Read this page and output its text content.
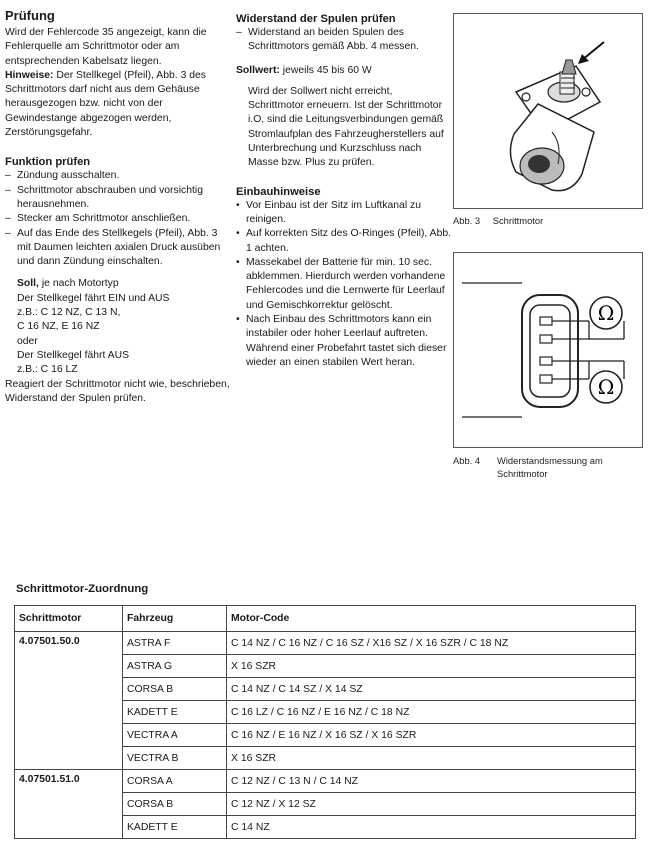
Prüfung

Wird der Fehlercode 35 angezeigt, kann die Fehlerquelle am Schrittmotor oder am entsprechenden Kabelsatz liegen.

Hinweise: Der Stellkegel (Pfeil), Abb. 3 des Schrittmotors darf nicht aus dem Gehäuse herausgezogen bzw. nicht von der Gewindestange abgezogen werden, Zerstörungsgefahr.

Funktion prüfen
– Zündung ausschalten.
– Schrittmotor abschrauben und vorsichtig herausnehmen.
– Stecker am Schrittmotor anschließen.
– Auf das Ende des Stellkegels (Pfeil), Abb. 3 mit Daumen leichten axialen Druck ausüben und dann Zündung einschalten.

Soll, je nach Motortyp

Der Stellkegel fährt EIN und AUS

z.B.: C 12 NZ, C 13 N,

C 16 NZ, E 16 NZ

oder

Der Stellkegel fährt AUS

z.B.: C 16 LZ

Reagiert der Schrittmotor nicht wie, beschrieben, Widerstand der Spulen prüfen.

Widerstand der Spulen prüfen
– Widerstand an beiden Spulen des Schrittmotors gemäß Abb. 4 messen.

Sollwert: jeweils 45 bis 60 W

Wird der Sollwert nicht erreicht, Schrittmotor erneuern. Ist der Schrittmotor i.O, sind die Leitungsverbindungen gemäß Stromlaufplan des Fahrzeugherstellers auf Unterbrechung und Kurzschluss nach Masse bzw. Plus zu prüfen.

Einbauhinweise
• Vor Einbau ist der Sitz im Luftkanal zu reinigen.
• Auf korrekten Sitz des O-Ringes (Pfeil), Abb. 1 achten.
• Massekabel der Batterie für min. 10 sec. abklemmen. Hierdurch werden vorhandene Fehlercodes und die Lernwerte für Leerlauf und Gemischkorrektur gelöscht.
• Nach Einbau des Schrittmotors kann ein instabiler oder hoher Leerlauf auftreten. Während einer Probefahrt tastet sich dieser wieder an einen stabilen Wert heran.
Abb. 3 Schrittmotor
Ω
Ω
Abb. 4 Widerstandsmessung am Schrittmotor
Schrittmotor-Zuordnung
Schrittmotor	Fahrzeug	Motor-Code
4.07501.50.0	ASTRA F	C 14 NZ / C 16 NZ / C 16 SZ / X16 SZ / X 16 SZR / C 18 NZ
	ASTRA G	X 16 SZR
	CORSA B	C 14 NZ / C 14 SZ / X 14 SZ
	KADETT E	C 16 LZ / C 16 NZ / E 16 NZ / C 18 NZ
	VECTRA A	C 16 NZ / E 16 NZ / X 16 SZ / X 16 SZR
	VECTRA B	X 16 SZR
4.07501.51.0	CORSA A	C 12 NZ / C 13 N / C 14 NZ
	CORSA B	C 12 NZ / X 12 SZ
	KADETT E	C 14 NZ
